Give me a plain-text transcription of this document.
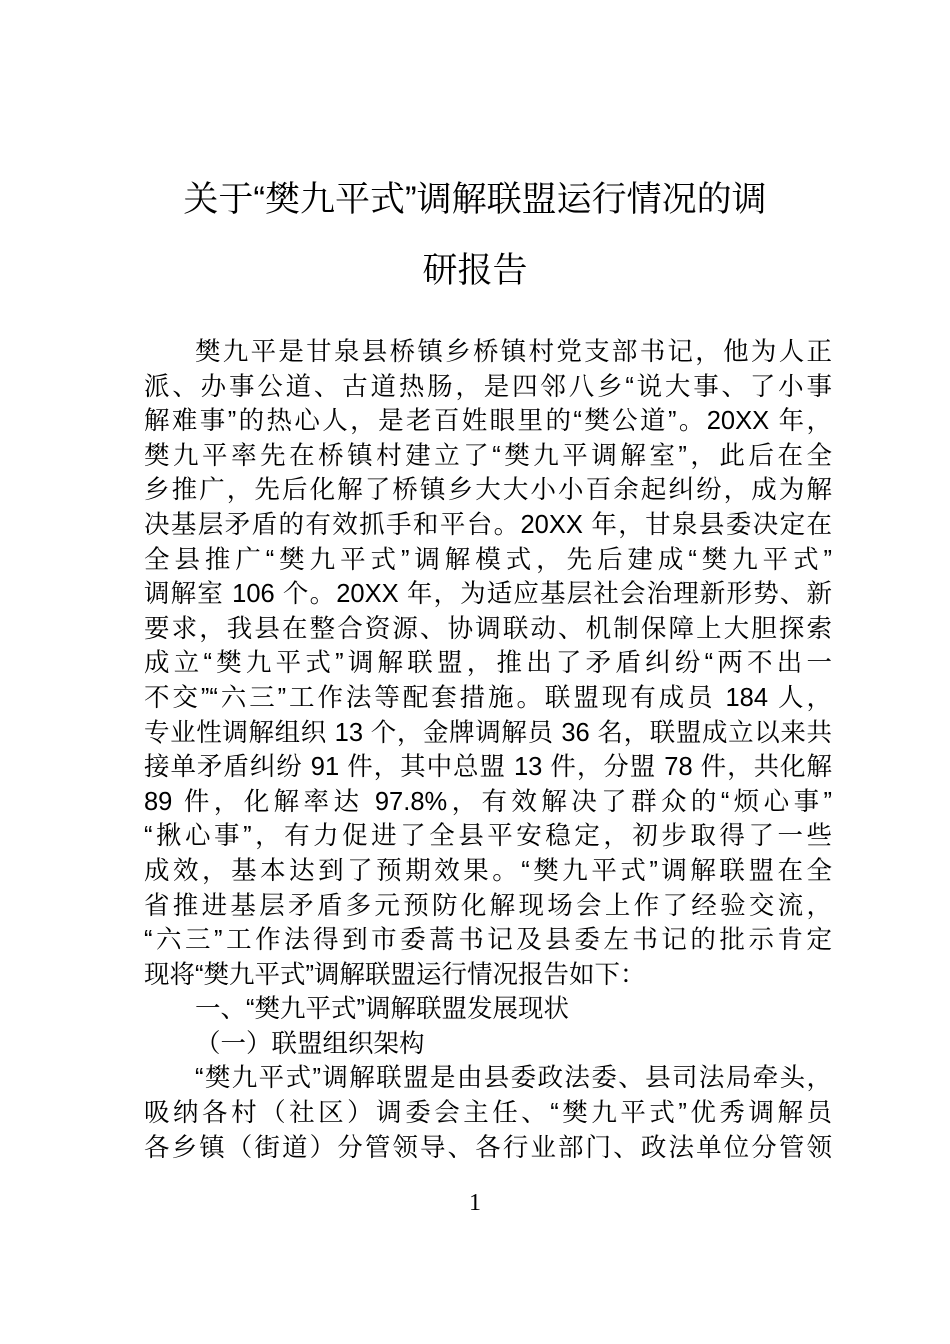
关于“樊九平式”调解联盟运行情况的调
研报告
樊九平是甘泉县桥镇乡桥镇村党支部书记，他为人正
派、办事公道、古道热肠，是四邻八乡“说大事、了小事
解难事”的热心人，是老百姓眼里的“樊公道”。20XX 年，
樊九平率先在桥镇村建立了“樊九平调解室”，此后在全
乡推广，先后化解了桥镇乡大大小小百余起纠纷，成为解
决基层矛盾的有效抓手和平台。20XX 年，甘泉县委决定在
全县推广“樊九平式”调解模式，先后建成“樊九平式”
调解室 106 个。20XX 年，为适应基层社会治理新形势、新
要求，我县在整合资源、协调联动、机制保障上大胆探索
成立“樊九平式”调解联盟，推出了矛盾纠纷“两不出一
不交”“六三”工作法等配套措施。联盟现有成员 184 人，
专业性调解组织 13 个，金牌调解员 36 名，联盟成立以来共
接单矛盾纠纷 91 件，其中总盟 13 件，分盟 78 件，共化解
89 件，化解率达 97.8%，有效解决了群众的“烦心事”
“揪心事”，有力促进了全县平安稳定，初步取得了一些
成效，基本达到了预期效果。“樊九平式”调解联盟在全
省推进基层矛盾多元预防化解现场会上作了经验交流，
“六三”工作法得到市委蒿书记及县委左书记的批示肯定
现将“樊九平式”调解联盟运行情况报告如下：
一、“樊九平式”调解联盟发展现状
（一）联盟组织架构
“樊九平式”调解联盟是由县委政法委、县司法局牵头，
吸纳各村（社区）调委会主任、“樊九平式”优秀调解员
各乡镇（街道）分管领导、各行业部门、政法单位分管领
1
